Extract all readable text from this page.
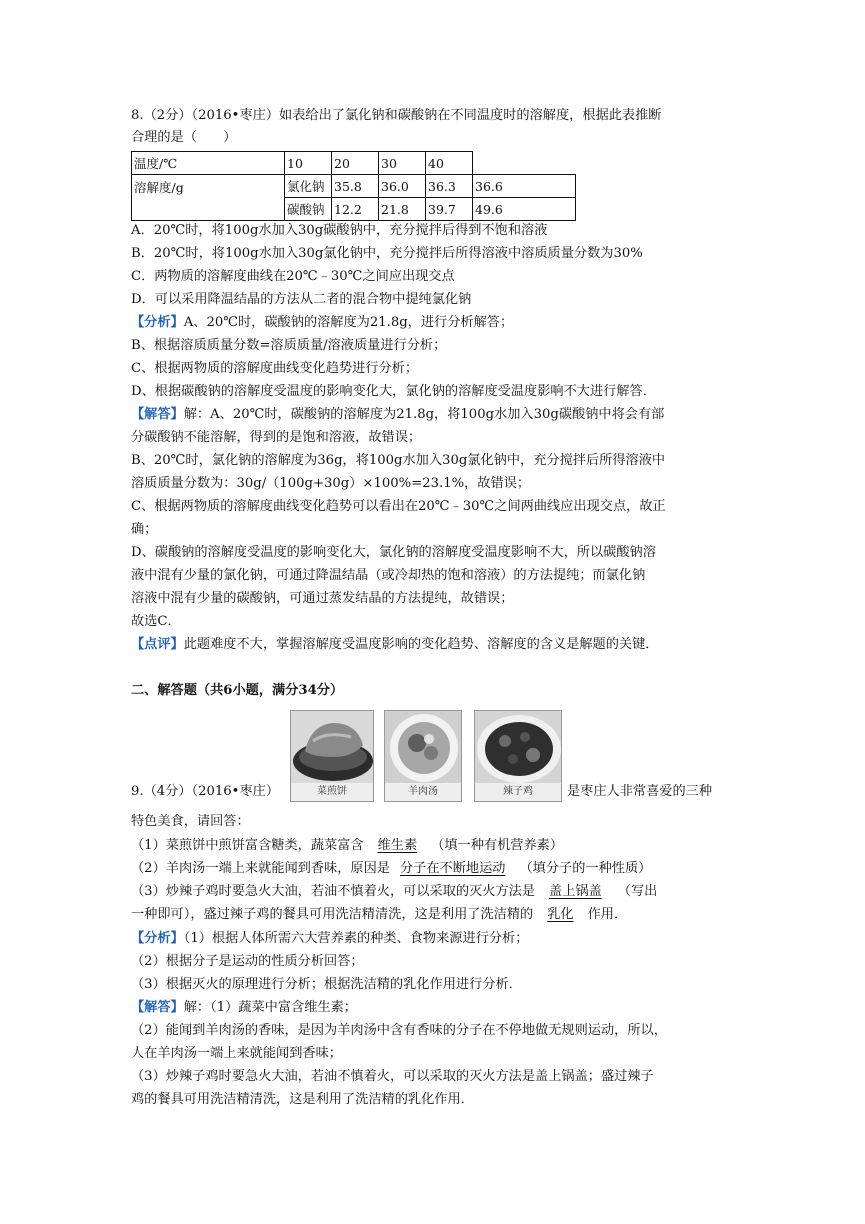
8.（2分）（2016•枣庄）如表给出了氯化钠和碳酸钠在不同温度时的溶解度，根据此表推断
合理的是（　　）
温度/℃	10	20	30	40	
溶解度/g	氯化钠	35.8	36.0	36.3	36.6
	碳酸钠	12.2	21.8	39.7	49.6
A．20℃时，将100g水加入30g碳酸钠中，充分搅拌后得到不饱和溶液
B．20℃时，将100g水加入30g氯化钠中，充分搅拌后所得溶液中溶质质量分数为30%
C．两物质的溶解度曲线在20℃﹣30℃之间应出现交点
D．可以采用降温结晶的方法从二者的混合物中提纯氯化钠
【分析】A、20℃时，碳酸钠的溶解度为21.8g，进行分析解答；
B、根据溶质质量分数=溶质质量/溶液质量进行分析；
C、根据两物质的溶解度曲线变化趋势进行分析；
D、根据碳酸钠的溶解度受温度的影响变化大，氯化钠的溶解度受温度影响不大进行解答．
【解答】解：A、20℃时，碳酸钠的溶解度为21.8g，将100g水加入30g碳酸钠中将会有部
分碳酸钠不能溶解，得到的是饱和溶液，故错误；
B、20℃时，氯化钠的溶解度为36g，将100g水加入30g氯化钠中，充分搅拌后所得溶液中
溶质质量分数为：30g/（100g+30g）×100%=23.1%，故错误；
C、根据两物质的溶解度曲线变化趋势可以看出在20℃﹣30℃之间两曲线应出现交点，故正
确；
D、碳酸钠的溶解度受温度的影响变化大，氯化钠的溶解度受温度影响不大，所以碳酸钠溶
液中混有少量的氯化钠，可通过降温结晶（或冷却热的饱和溶液）的方法提纯；而氯化钠
溶液中混有少量的碳酸钠，可通过蒸发结晶的方法提纯，故错误；
故选C．
【点评】此题难度不大，掌握溶解度受温度影响的变化趋势、溶解度的含义是解题的关键．
二、解答题（共6小题，满分34分）
菜煎饼	羊肉汤	辣子鸡
9.（4分）（2016•枣庄）	是枣庄人非常喜爱的三种
特色美食，请回答：
（1）菜煎饼中煎饼富含糖类，蔬菜富含 维生素 （填一种有机营养素）
（2）羊肉汤一端上来就能闻到香味，原因是 分子在不断地运动 （填分子的一种性质）
（3）炒辣子鸡时要急火大油，若油不慎着火，可以采取的灭火方法是 盖上锅盖 （写出
一种即可），盛过辣子鸡的餐具可用洗洁精清洗，这是利用了洗洁精的 乳化 作用．
【分析】（1）根据人体所需六大营养素的种类、食物来源进行分析；
（2）根据分子是运动的性质分析回答；
（3）根据灭火的原理进行分析；根据洗洁精的乳化作用进行分析．
【解答】解：（1）蔬菜中富含维生素；
（2）能闻到羊肉汤的香味，是因为羊肉汤中含有香味的分子在不停地做无规则运动，所以，
人在羊肉汤一端上来就能闻到香味；
（3）炒辣子鸡时要急火大油，若油不慎着火，可以采取的灭火方法是盖上锅盖；盛过辣子
鸡的餐具可用洗洁精清洗，这是利用了洗洁精的乳化作用．
